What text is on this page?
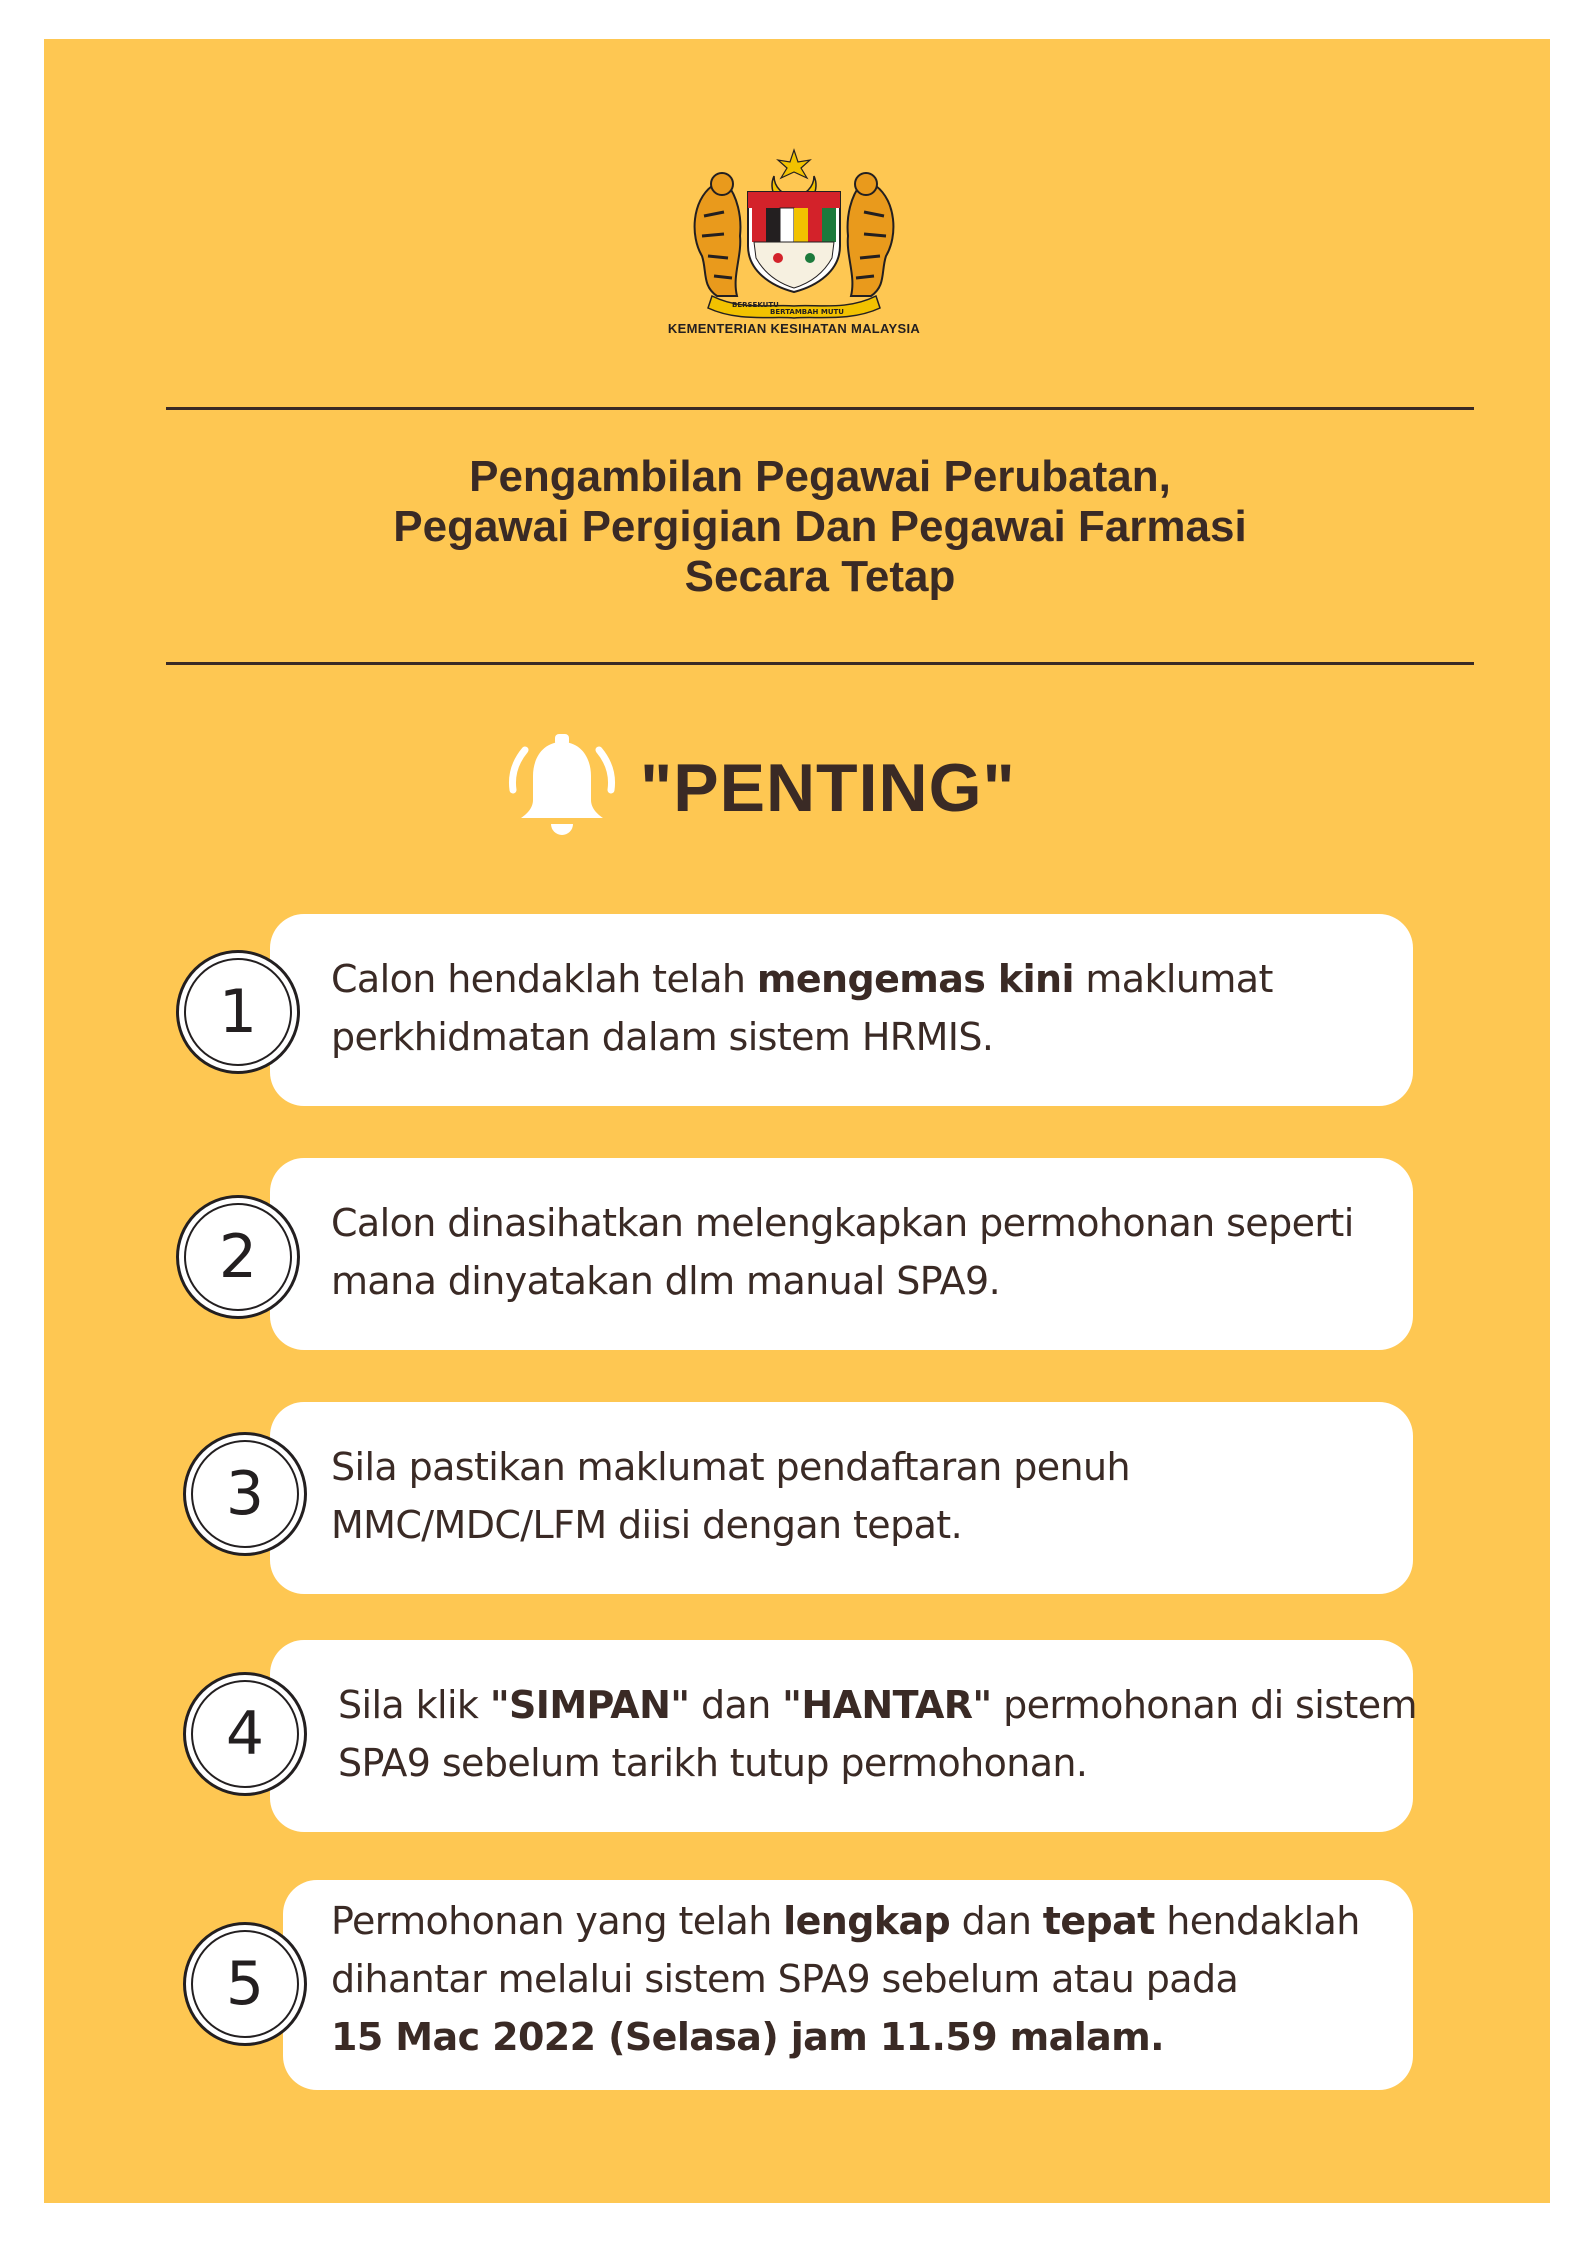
BERSEKUTU
BERTAMBAH MUTU
KEMENTERIAN KESIHATAN MALAYSIA
Pengambilan Pegawai Perubatan,
Pegawai Pergigian Dan Pegawai Farmasi
Secara Tetap
"PENTING"
Calon hendaklah telah mengemas kini maklumat
perkhidmatan dalam sistem HRMIS.
1
Calon dinasihatkan melengkapkan permohonan seperti
mana dinyatakan dlm manual SPA9.
2
Sila pastikan maklumat pendaftaran penuh
MMC/MDC/LFM diisi dengan tepat.
3
Sila klik "SIMPAN" dan "HANTAR" permohonan di sistem
SPA9 sebelum tarikh tutup permohonan.
4
Permohonan yang telah lengkap dan tepat hendaklah
dihantar melalui sistem SPA9 sebelum atau pada
15 Mac 2022 (Selasa) jam 11.59 malam.
5
